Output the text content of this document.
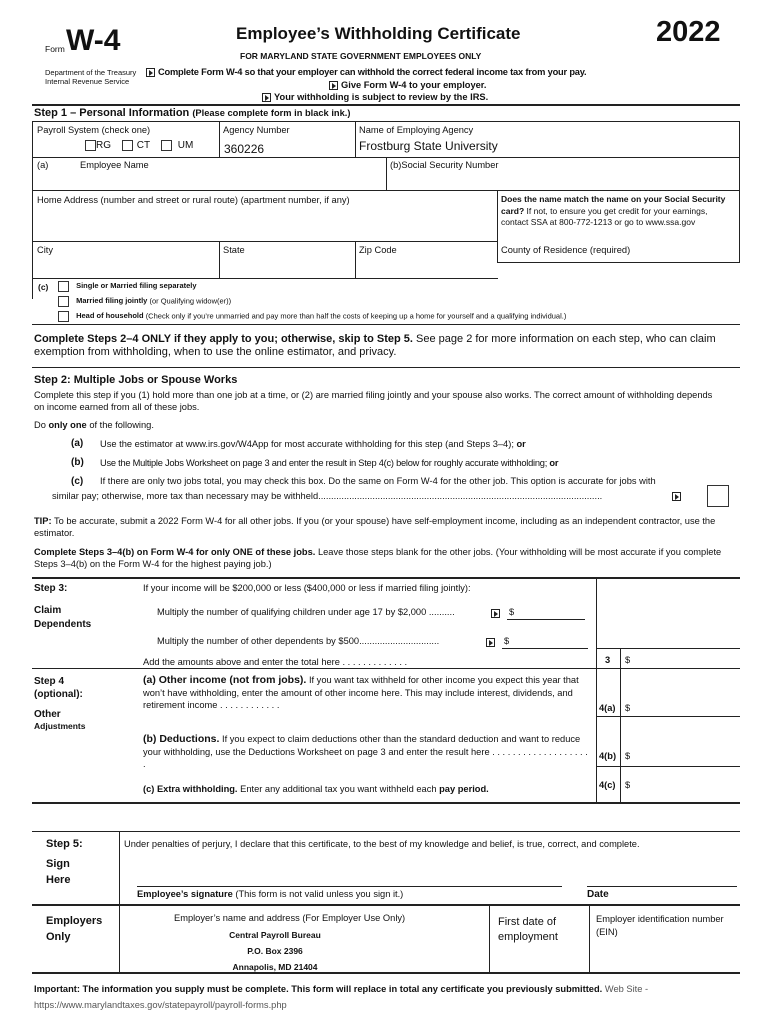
Form W-4
Department of the Treasury
Internal Revenue Service
Employee’s Withholding Certificate
FOR MARYLAND STATE GOVERNMENT EMPLOYEES ONLY
Complete Form W-4 so that your employer can withhold the correct federal income tax from your pay.
Give Form W-4 to your employer.
Your withholding is subject to review by the IRS.
2022
Step 1 – Personal Information (Please complete form in black ink.)
Payroll System (check one)
RG	CT	UM
Agency Number
360226
Name of Employing Agency
Frostburg State University
(a)	Employee Name	(b)Social Security Number
Home Address (number and street or rural route) (apartment number, if any)	Does the name match the name on your Social Security card? If not, to ensure you get credit for your earnings, contact SSA at 800-772-1213 or go to www.ssa.gov
City	State	Zip Code	County of Residence (required)
(c)	Single or Married filing separately
Married filing jointly (or Qualifying widow(er))
Head of household (Check only if you’re unmarried and pay more than half the costs of keeping up a home for yourself and a qualifying individual.)
Complete Steps 2–4 ONLY if they apply to you; otherwise, skip to Step 5. See page 2 for more information on each step, who can claim exemption from withholding, when to use the online estimator, and privacy.
Step 2: Multiple Jobs or Spouse Works
Complete this step if you (1) hold more than one job at a time, or (2) are married filing jointly and your spouse also works. The correct amount of withholding depends on income earned from all of these jobs.
Do only one of the following.
(a) Use the estimator at www.irs.gov/W4App for most accurate withholding for this step (and Steps 3–4); or
(b) Use the Multiple Jobs Worksheet on page 3 and enter the result in Step 4(c) below for roughly accurate withholding; or
(c) If there are only two jobs total, you may check this box. Do the same on Form W-4 for the other job. This option is accurate for jobs with
similar pay; otherwise, more tax than necessary may be withheld..............................................................................................................
TIP: To be accurate, submit a 2022 Form W-4 for all other jobs. If you (or your spouse) have self-employment income, including as an independent contractor, use the estimator.
Complete Steps 3–4(b) on Form W-4 for only ONE of these jobs. Leave those steps blank for the other jobs. (Your withholding will be most accurate if you complete Steps 3–4(b) on the Form W-4 for the highest paying job.)
Step 3:
Claim
Dependents
If your income will be $200,000 or less ($400,000 or less if married filing jointly):
Multiply the number of qualifying children under age 17 by $2,000 ..........	$
Multiply the number of other dependents by $500...............................	$
Add the amounts above and enter the total here . . . . . . . . . . . . .	3 $
Step 4
(optional):
Other
Adjustments
(a) Other income (not from jobs). If you want tax withheld for other income you expect this year that won’t have withholding, enter the amount of other income here. This may include interest, dividends, and retirement income . . . . . . . . . . . .	4(a) $
(b) Deductions. If you expect to claim deductions other than the standard deduction and want to reduce your withholding, use the Deductions Worksheet on page 3 and enter the result here . . . . . . . . . . . . . . . . . . . .
4(b) $
(c) Extra withholding. Enter any additional tax you want withheld each pay period.	4(c) $
Step 5:
Sign
Here
Under penalties of perjury, I declare that this certificate, to the best of my knowledge and belief, is true, correct, and complete.
Employee’s signature (This form is not valid unless you sign it.)	Date
Employers
Only
Employer’s name and address (For Employer Use Only)
Central Payroll Bureau
P.O. Box 2396
Annapolis, MD 21404
First date of employment
Employer identification number (EIN)
Important: The information you supply must be complete. This form will replace in total any certificate you previously submitted. Web Site - https://www.marylandtaxes.gov/statepayroll/payroll-forms.php
